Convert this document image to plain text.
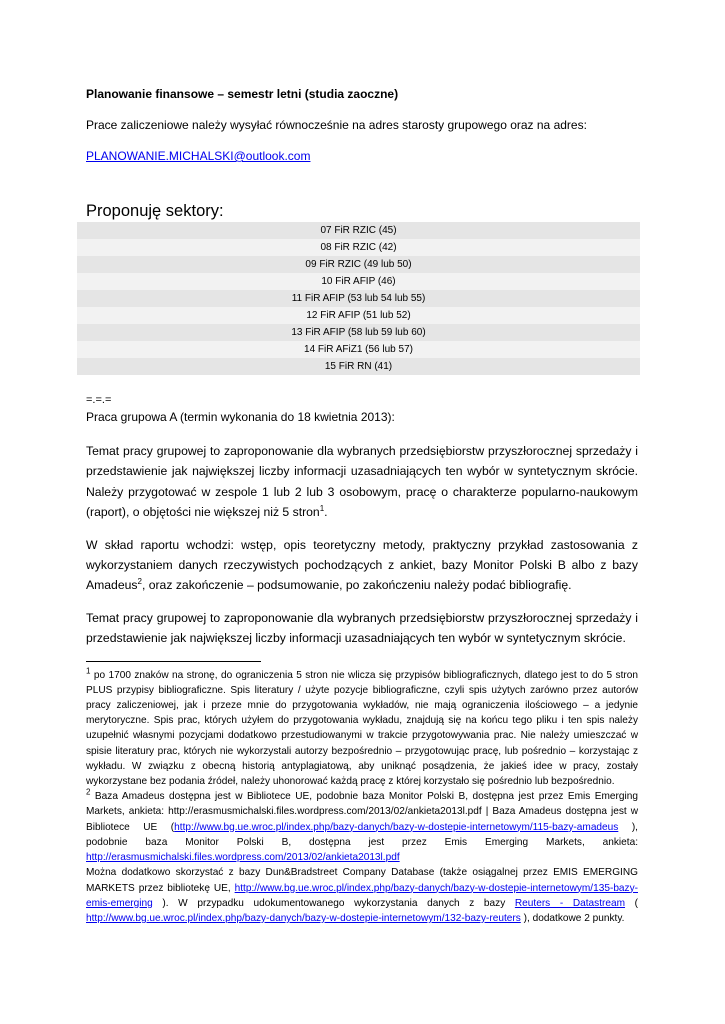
Planowanie finansowe – semestr letni (studia zaoczne)
Prace zaliczeniowe należy wysyłać równocześnie na adres starosty grupowego oraz na adres:
PLANOWANIE.MICHALSKI@outlook.com
Proponuję sektory:
07 FiR RZIC (45)
08 FiR RZIC (42)
09 FiR RZIC (49 lub 50)
10 FiR AFIP (46)
11 FiR AFIP (53 lub 54 lub 55)
12 FiR AFIP (51 lub 52)
13 FiR AFIP (58 lub 59 lub 60)
14 FiR AFiZ1 (56 lub 57)
15 FiR RN (41)
=.=.=
Praca grupowa A (termin wykonania do 18 kwietnia 2013):

Temat pracy grupowej to zaproponowanie dla wybranych przedsiębiorstw przyszłorocznej sprzedaży i przedstawienie jak największej liczby informacji uzasadniających ten wybór w syntetycznym skrócie. Należy przygotować w zespole 1 lub 2 lub 3 osobowym, pracę o charakterze popularno-naukowym (raport), o objętości nie większej niż 5 stron$^1$.

W skład raportu wchodzi: wstęp, opis teoretyczny metody, praktyczny przykład zastosowania z wykorzystaniem danych rzeczywistych pochodzących z ankiet, bazy Monitor Polski B albo z bazy Amadeus$^2$, oraz zakończenie – podsumowanie, po zakończeniu należy podać bibliografię.

Temat pracy grupowej to zaproponowanie dla wybranych przedsiębiorstw przyszłorocznej sprzedaży i przedstawienie jak największej liczby informacji uzasadniających ten wybór w syntetycznym skrócie.

$^1$ po 1700 znaków na stronę, do ograniczenia 5 stron nie wlicza się przypisów bibliograficznych, dlatego jest to do 5 stron PLUS przypisy bibliograficzne. Spis literatury / użyte pozycje bibliograficzne, czyli spis użytych zarówno przez autorów pracy zaliczeniowej, jak i przeze mnie do przygotowania wykładów, nie mają ograniczenia ilościowego – a jedynie merytoryczne. Spis prac, których użyłem do przygotowania wykładu, znajdują się na końcu tego pliku i ten spis należy uzupełnić własnymi pozycjami dodatkowo przestudiowanymi w trakcie przygotowywania prac. Nie należy umieszczać w spisie literatury prac, których nie wykorzystali autorzy bezpośrednio – przygotowując pracę, lub pośrednio – korzystając z wykładu. W związku z obecną historią antyplagiatową, aby uniknąć posądzenia, że jakieś idee w pracy, zostały wykorzystane bez podania źródeł, należy uhonorować każdą pracę z której korzystało się pośrednio lub bezpośrednio.

$^2$ Baza Amadeus dostępna jest w Bibliotece UE, podobnie baza Monitor Polski B, dostępna jest przez Emis Emerging Markets, ankieta: http://erasmusmichalski.files.wordpress.com/2013/02/ankieta2013l.pdf | Baza Amadeus dostępna jest w Bibliotece UE (http://www.bg.ue.wroc.pl/index.php/bazy-danych/bazy-w-dostepie-internetowym/115-bazy-amadeus ), podobnie baza Monitor Polski B, dostępna jest przez Emis Emerging Markets, ankieta: http://erasmusmichalski.files.wordpress.com/2013/02/ankieta2013l.pdf

Można dodatkowo skorzystać z bazy Dun&Bradstreet Company Database (także osiągalnej przez EMIS EMERGING MARKETS przez bibliotekę UE, http://www.bg.ue.wroc.pl/index.php/bazy-danych/bazy-w-dostepie-internetowym/135-bazy-emis-emerging ). W przypadku udokumentowanego wykorzystania danych z bazy Reuters - Datastream ( http://www.bg.ue.wroc.pl/index.php/bazy-danych/bazy-w-dostepie-internetowym/132-bazy-reuters ), dodatkowe 2 punkty.
